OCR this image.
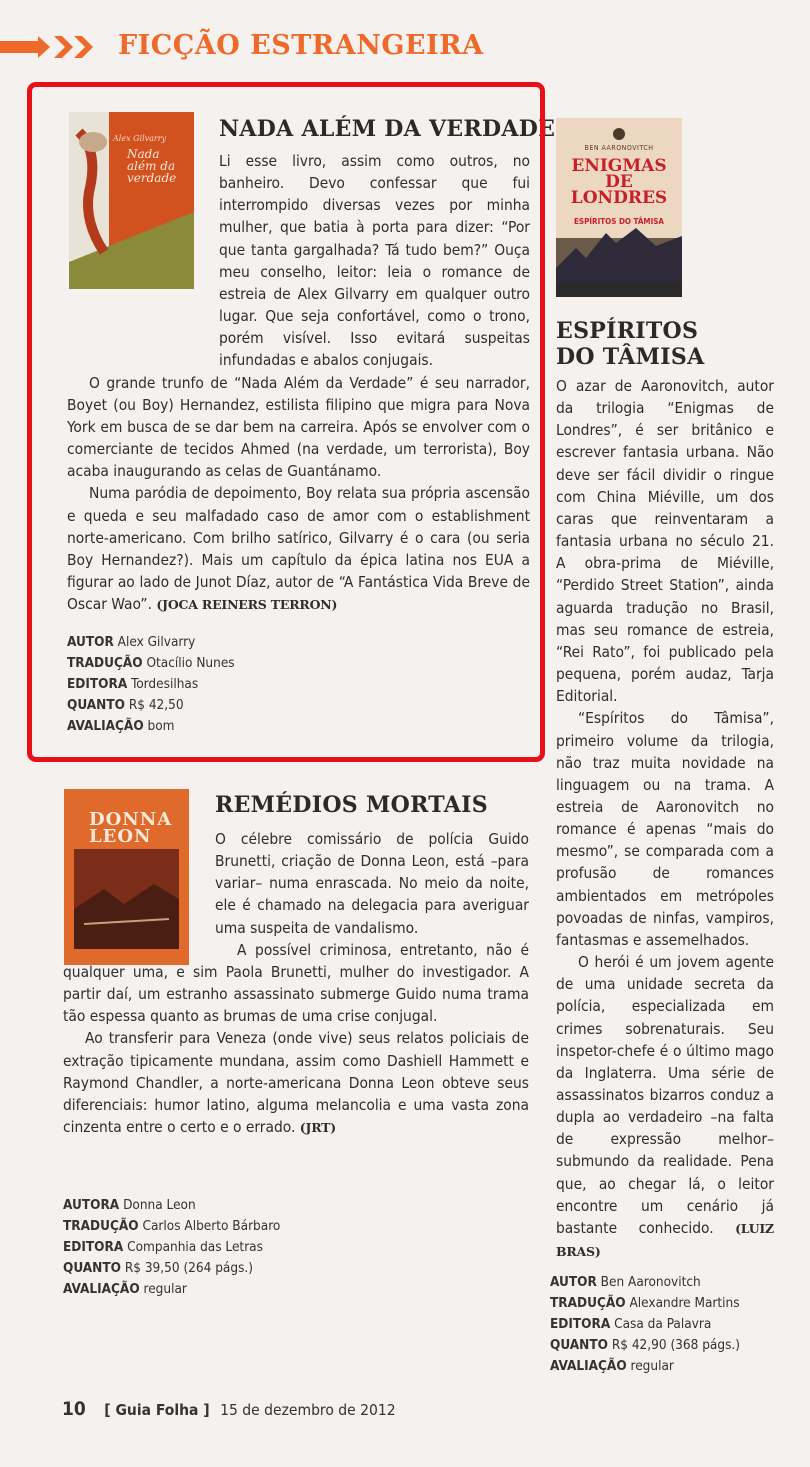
FICÇÃO ESTRANGEIRA
Alex Gilvarry
Nada
além da
verdade
NADA ALÉM DA VERDADE

Li esse livro, assim como outros, no banheiro. Devo confessar que fui interrompido diversas vezes por minha mulher, que batia à porta para dizer: “Por que tanta gargalhada? Tá tudo bem?” Ouça meu conselho, leitor: leia o romance de estreia de Alex Gilvarry em qualquer outro lugar. Que seja confortável, como o trono, porém visível. Isso evitará suspeitas infundadas e abalos conjugais.

O grande trunfo de “Nada Além da Verdade” é seu narrador, Boyet (ou Boy) Hernandez, estilista filipino que migra para Nova York em busca de se dar bem na carreira. Após se envolver com o comerciante de tecidos Ahmed (na verdade, um terrorista), Boy acaba inaugurando as celas de Guantánamo.

Numa paródia de depoimento, Boy relata sua própria ascensão e queda e seu malfadado caso de amor com o establishment norte-americano. Com brilho satírico, Gilvarry é o cara (ou seria Boy Hernandez?). Mais um capítulo da épica latina nos EUA a figurar ao lado de Junot Díaz, autor de “A Fantástica Vida Breve de Oscar Wao”. (JOCA REINERS TERRON)

AUTOR Alex Gilvarry
TRADUÇÃO Otacílio Nunes
EDITORA Tordesilhas
QUANTO R$ 42,50
AVALIAÇÃO bom
DONNA
LEON
REMÉDIOS MORTAIS

O célebre comissário de polícia Guido Brunetti, criação de Donna Leon, está –para variar– numa enrascada. No meio da noite, ele é chamado na delegacia para averiguar uma suspeita de vandalismo.

A possível criminosa, entretanto, não é qualquer uma, e sim Paola Brunetti, mulher do investigador. A partir daí, um estranho assassinato submerge Guido numa trama tão espessa quanto as brumas de uma crise conjugal.

Ao transferir para Veneza (onde vive) seus relatos policiais de extração tipicamente mundana, assim como Dashiell Hammett e Raymond Chandler, a norte-americana Donna Leon obteve seus diferenciais: humor latino, alguma melancolia e uma vasta zona cinzenta entre o certo e o errado. (JRT)

AUTORA Donna Leon
TRADUÇÃO Carlos Alberto Bárbaro
EDITORA Companhia das Letras
QUANTO R$ 39,50 (264 págs.)
AVALIAÇÃO regular
BEN AARONOVITCH
ENIGMAS
DE
LONDRES
ESPÍRITOS DO TÂMISA
ESPÍRITOS
DO TÂMISA

O azar de Aaronovitch, autor da trilogia “Enigmas de Londres”, é ser britânico e escrever fantasia urbana. Não deve ser fácil dividir o ringue com China Miéville, um dos caras que reinventaram a fantasia urbana no século 21. A obra-prima de Miéville, “Perdido Street Station”, ainda aguarda tradução no Brasil, mas seu romance de estreia, “Rei Rato”, foi publicado pela pequena, porém audaz, Tarja Editorial.

“Espíritos do Tâmisa”, primeiro volume da trilogia, não traz muita novidade na linguagem ou na trama. A estreia de Aaronovitch no romance é apenas “mais do mesmo”, se comparada com a profusão de romances ambientados em metrópoles povoadas de ninfas, vampiros, fantasmas e assemelhados.

O herói é um jovem agente de uma unidade secreta da polícia, especializada em crimes sobrenaturais. Seu inspetor-chefe é o último mago da Inglaterra. Uma série de assassinatos bizarros conduz a dupla ao verdadeiro –na falta de expressão melhor– submundo da realidade. Pena que, ao chegar lá, o leitor encontre um cenário já bastante conhecido. (LUIZ BRAS)

AUTOR Ben Aaronovitch
TRADUÇÃO Alexandre Martins
EDITORA Casa da Palavra
QUANTO R$ 42,90 (368 págs.)
AVALIAÇÃO regular
10 [ Guia Folha ] 15 de dezembro de 2012
